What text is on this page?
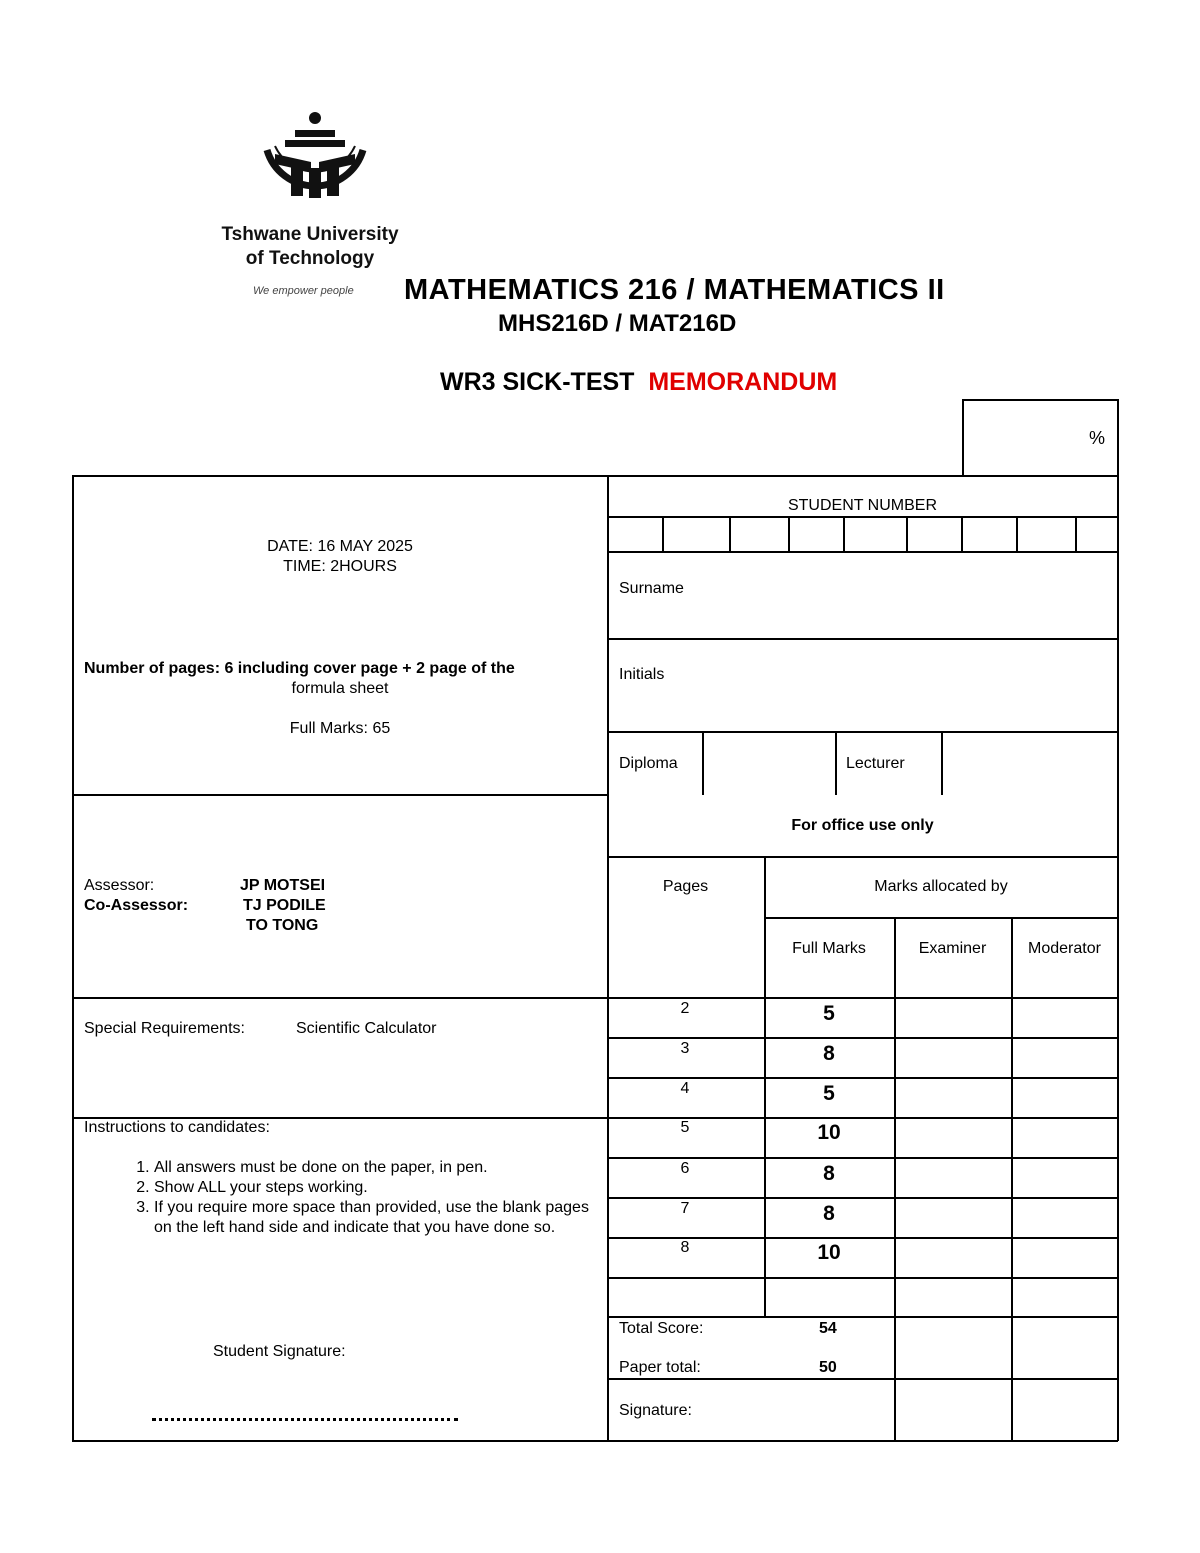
Tshwane University
of Technology
We empower people MATHEMATICS 216 / MATHEMATICS II
MHS216D / MAT216D
WR3 SICK-TEST MEMORANDUM
%
DATE: 16 MAY 2025
TIME: 2HOURS
Number of pages: 6 including cover page + 2 page of the
formula sheet
Full Marks: 65
Assessor:	JP MOTSEI
Co-Assessor:	TJ PODILE
TO TONG
Special Requirements:	Scientific Calculator
Instructions to candidates:
1. All answers must be done on the paper, in pen.
2. Show ALL your steps working.
3. If you require more space than provided, use the blank pages on the left hand side and indicate that you have done so.
Student Signature:
STUDENT NUMBER
Surname
Initials
Diploma	Lecturer
For office use only
Pages	Marks allocated by
Full Marks	Examiner	Moderator
2	5
3	8
4	5
5	10
6	8
7	8
8	10
Total Score:	54
Paper total:	50
Signature:
